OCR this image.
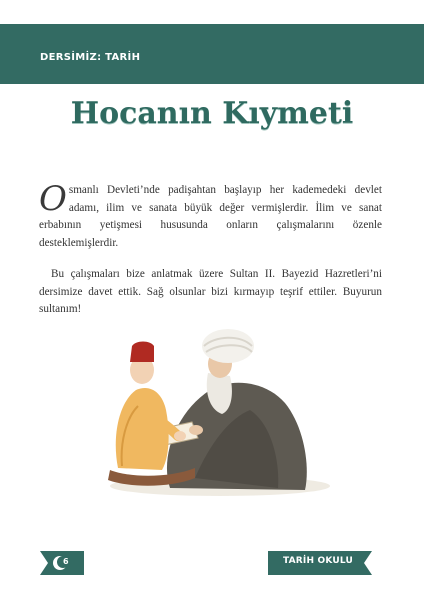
DERSİMİZ: TARİH
Hocanın Kıymeti

Osmanlı Devleti’nde padişahtan başlayıp her kademedeki devlet adamı, ilim ve sanata büyük değer vermişlerdir. İlim ve sanat erbabının yetişmesi hususunda onların çalışmalarını özenle desteklemişlerdir.

Bu çalışmaları bize anlatmak üzere Sultan II. Bayezid Hazretleri’ni dersimize davet ettik. Sağ olsunlar bizi kırmayıp teşrif ettiler. Buyurun sultanım!

6	TARİH OKULU
